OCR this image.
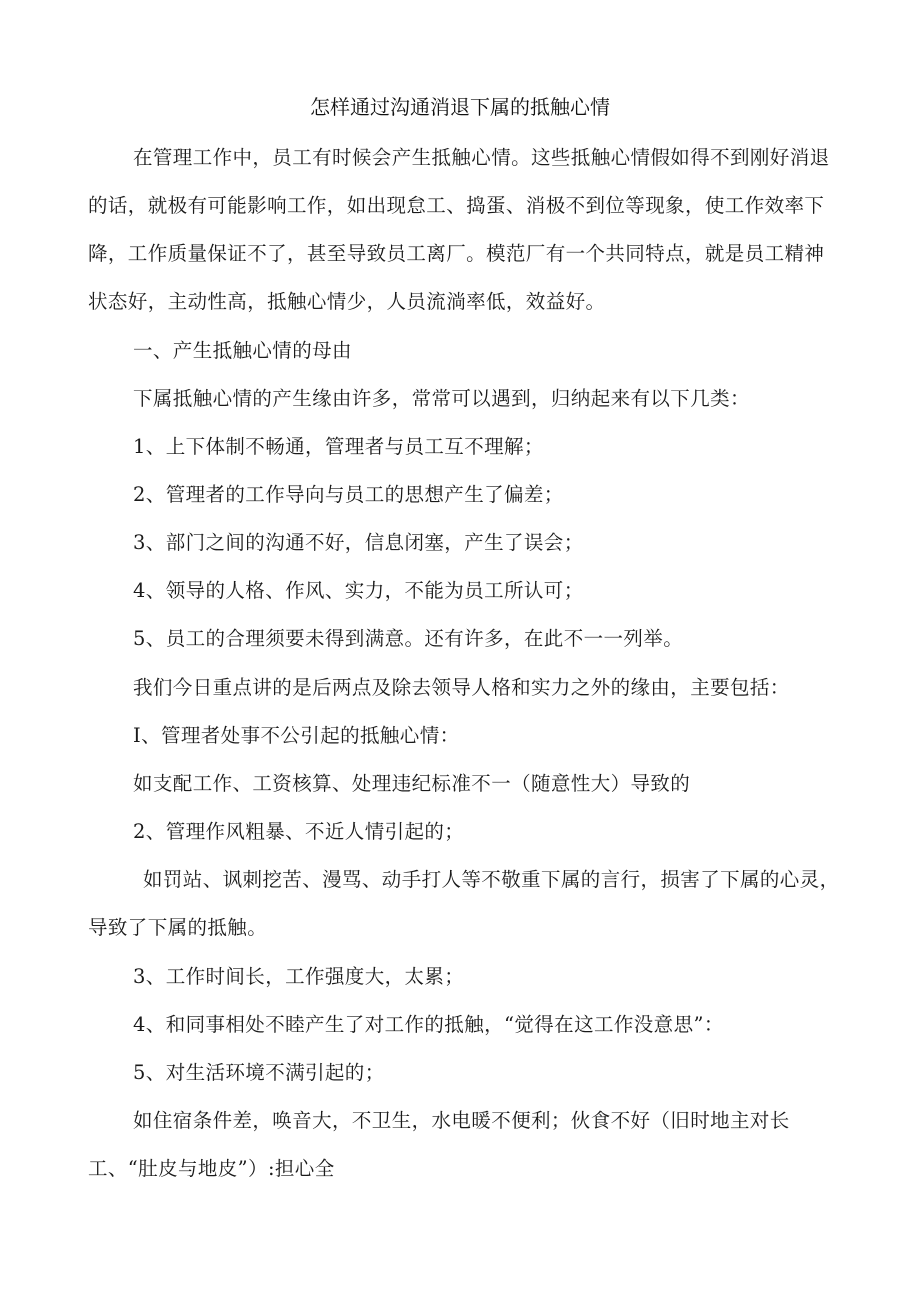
怎样通过沟通消退下属的抵触心情
在管理工作中，员工有时候会产生抵触心情。这些抵触心情假如得不到刚好消退
的话，就极有可能影响工作，如出现怠工、捣蛋、消极不到位等现象，使工作效率下
降，工作质量保证不了，甚至导致员工离厂。模范厂有一个共同特点，就是员工精神
状态好，主动性高，抵触心情少，人员流淌率低，效益好。
一、产生抵触心情的母由
下属抵触心情的产生缘由许多，常常可以遇到，归纳起来有以下几类：
1、上下体制不畅通，管理者与员工互不理解；
2、管理者的工作导向与员工的思想产生了偏差；
3、部门之间的沟通不好，信息闭塞，产生了误会；
4、领导的人格、作风、实力，不能为员工所认可；
5、员工的合理须要未得到满意。还有许多，在此不一一列举。
我们今日重点讲的是后两点及除去领导人格和实力之外的缘由，主要包括：
I、管理者处事不公引起的抵触心情：
如支配工作、工资核算、处理违纪标准不一（随意性大）导致的
2、管理作风粗暴、不近人情引起的；
如罚站、讽刺挖苦、漫骂、动手打人等不敬重下属的言行，损害了下属的心灵，
导致了下属的抵触。
3、工作时间长，工作强度大，太累；
4、和同事相处不睦产生了对工作的抵触，“觉得在这工作没意思”：
5、对生活环境不满引起的；
如住宿条件差，唤音大，不卫生，水电暖不便利；伙食不好（旧时地主对长
工、“肚皮与地皮”）:担心全
